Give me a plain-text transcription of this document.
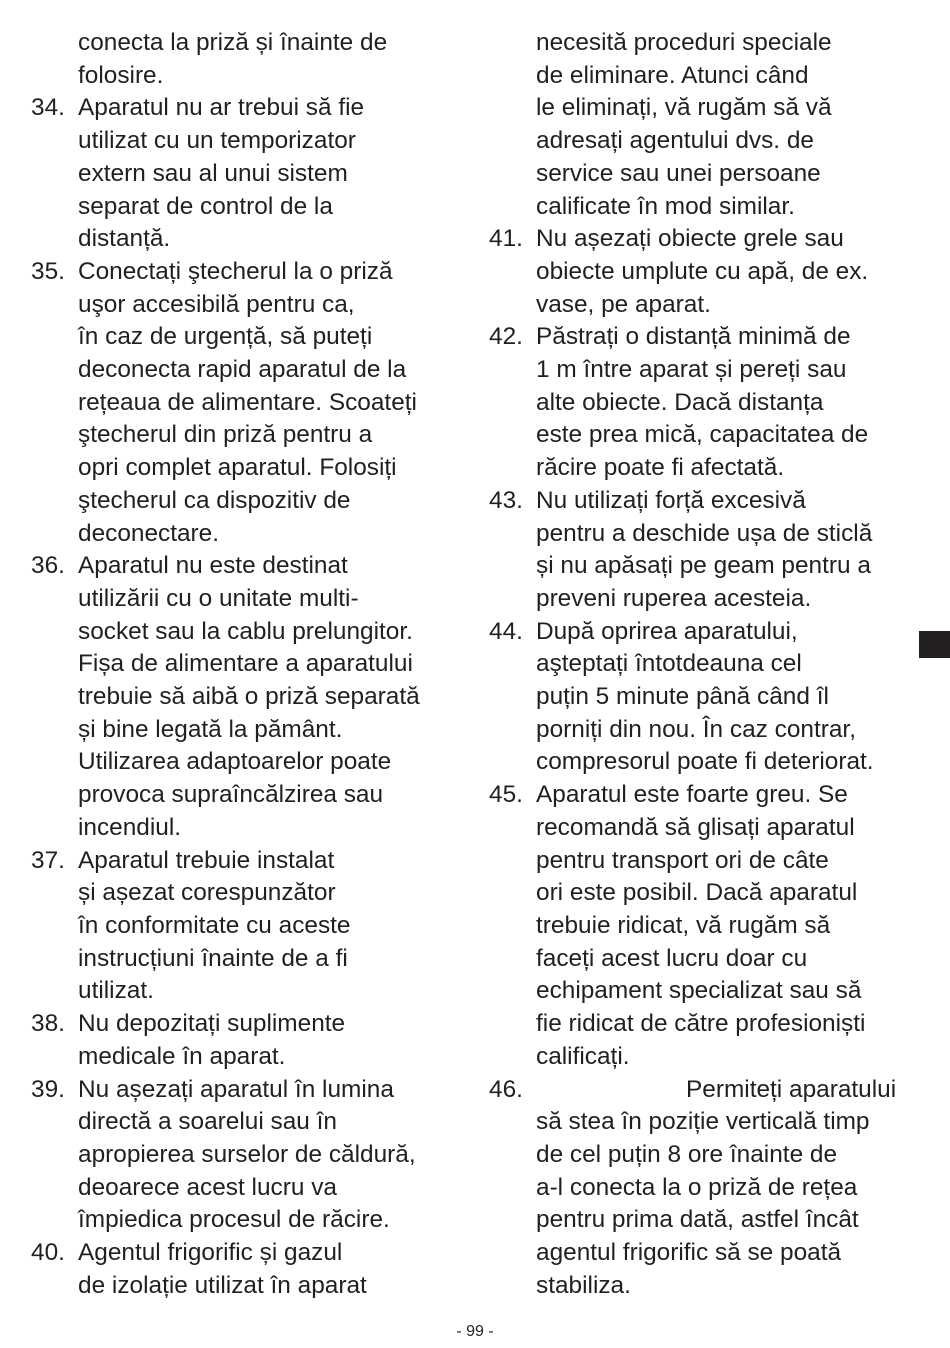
conecta la priză și înainte de
folosire.
34. Aparatul nu ar trebui să fie
utilizat cu un temporizator
extern sau al unui sistem
separat de control de la
distanță.
35. Conectați ştecherul la o priză
uşor accesibilă pentru ca,
în caz de urgență, să puteți
deconecta rapid aparatul de la
rețeaua de alimentare. Scoateți
ştecherul din priză pentru a
opri complet aparatul. Folosiți
ştecherul ca dispozitiv de
deconectare.
36. Aparatul nu este destinat
utilizării cu o unitate multi-
socket sau la cablu prelungitor.
Fișa de alimentare a aparatului
trebuie să aibă o priză separată
și bine legată la pământ.
Utilizarea adaptoarelor poate
provoca supraîncălzirea sau
incendiul.
37. Aparatul trebuie instalat
și așezat corespunzător
în conformitate cu aceste
instrucțiuni înainte de a fi
utilizat.
38. Nu depozitați suplimente
medicale în aparat.
39. Nu așezați aparatul în lumina
directă a soarelui sau în
apropierea surselor de căldură,
deoarece acest lucru va
împiedica procesul de răcire.
40. Agentul frigorific și gazul
de izolație utilizat în aparat
necesită proceduri speciale
de eliminare. Atunci când
le eliminați, vă rugăm să vă
adresați agentului dvs. de
service sau unei persoane
calificate în mod similar.
41. Nu așezați obiecte grele sau
obiecte umplute cu apă, de ex.
vase, pe aparat.
42. Păstrați o distanță minimă de
1 m între aparat și pereți sau
alte obiecte. Dacă distanța
este prea mică, capacitatea de
răcire poate fi afectată.
43. Nu utilizați forță excesivă
pentru a deschide ușa de sticlă
și nu apăsați pe geam pentru a
preveni ruperea acesteia.
44. După oprirea aparatului,
aşteptați întotdeauna cel
puțin 5 minute până când îl
porniți din nou. În caz contrar,
compresorul poate fi deteriorat.
45. Aparatul este foarte greu. Se
recomandă să glisați aparatul
pentru transport ori de câte
ori este posibil. Dacă aparatul
trebuie ridicat, vă rugăm să
faceți acest lucru doar cu
echipament specializat sau să
fie ridicat de către profesioniști
calificați.
46.	Permiteți aparatului
să stea în poziție verticală timp
de cel puțin 8 ore înainte de
a-l conecta la o priză de rețea
pentru prima dată, astfel încât
agentul frigorific să se poată
stabiliza.
- 99 -
